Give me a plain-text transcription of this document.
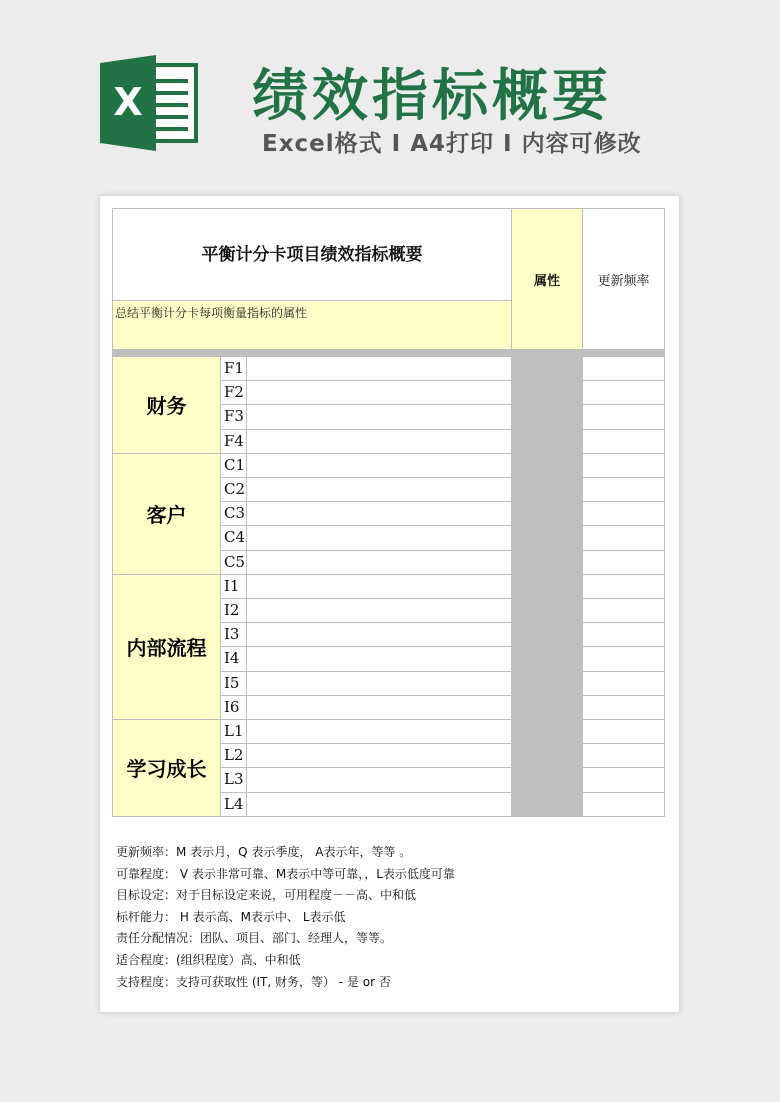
X 绩效指标概要
Excel格式 I A4打印 I 内容可修改
平衡计分卡项目绩效指标概要
总结平衡计分卡每项衡量指标的属性
属性	更新频率
财务
F1
F2
F3
F4
客户
C1
C2
C3
C4
C5
内部流程
I1
I2
I3
I4
I5
I6
学习成长
L1
L2
L3
L4
更新频率：M 表示月，Q 表示季度， A表示年，等等 。
可靠程度： V 表示非常可靠、M表示中等可靠，，L表示低度可靠
目标设定：对于目标设定来说，可用程度－－高、中和低
标杆能力： H 表示高、M表示中、 L表示低
责任分配情况：团队、项目、部门、经理人，等等。
适合程度：(组织程度）高、中和低
支持程度：支持可获取性 (IT, 财务，等） - 是 or 否
